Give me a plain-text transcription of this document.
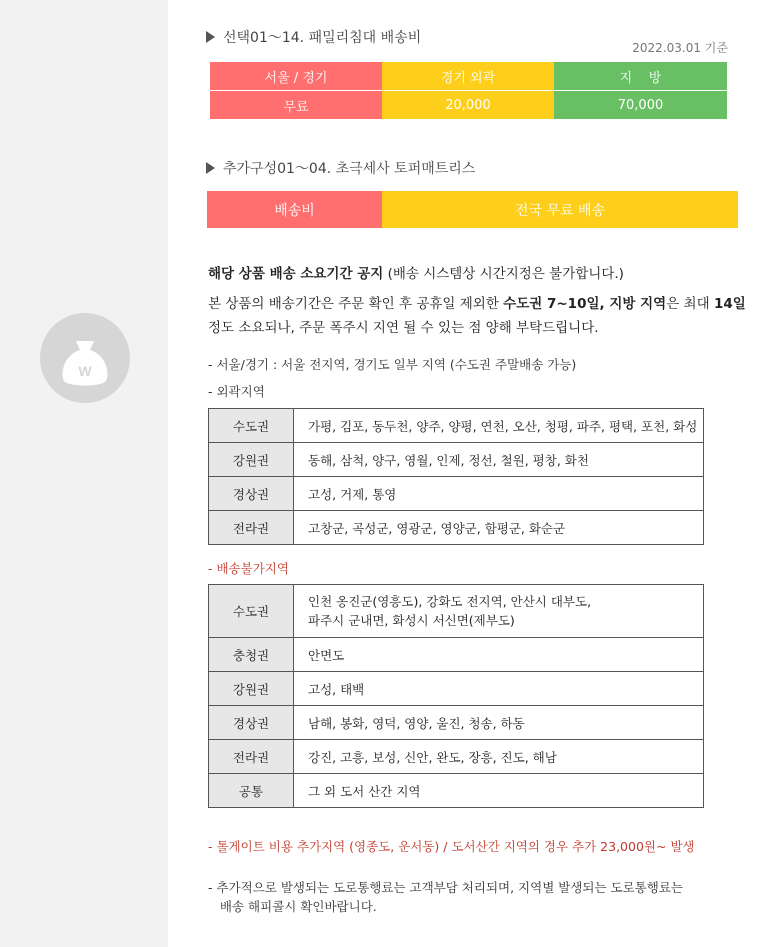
W
선택01～14. 패밀리침대 배송비
2022.03.01 기준
서울 / 경기	경기 외곽	지    방
무료	20,000	70,000
추가구성01～04. 초극세사 토퍼매트리스
배송비	전국 무료 배송
해당 상품 배송 소요기간 공지 (배송 시스템상 시간지정은 불가합니다.)
본 상품의 배송기간은 주문 확인 후 공휴일 제외한 수도권 7~10일, 지방 지역은 최대 14일 정도 소요되나, 주문 폭주시 지연 될 수 있는 점 양해 부탁드립니다.
- 서울/경기 : 서울 전지역, 경기도 일부 지역 (수도권 주말배송 가능)
- 외곽지역
수도권	가평, 김포, 동두천, 양주, 양평, 연천, 오산, 청평, 파주, 평택, 포천, 화성
강원권	동해, 삼척, 양구, 영월, 인제, 정선, 철원, 평창, 화천
경상권	고성, 거제, 통영
전라권	고창군, 곡성군, 영광군, 영양군, 함평군, 화순군
- 배송불가지역
수도권	인천 옹진군(영흥도), 강화도 전지역, 안산시 대부도,
파주시 군내면, 화성시 서신면(제부도)

충청권	안면도
강원권	고성, 태백
경상권	남해, 봉화, 영덕, 영양, 울진, 청송, 하동
전라권	강진, 고흥, 보성, 신안, 완도, 장흥, 진도, 해남
공통	그 외 도서 산간 지역
- 톨게이트 비용 추가지역 (영종도, 운서동) / 도서산간 지역의 경우 추가 23,000원~ 발생
- 추가적으로 발생되는 도로통행료는 고객부담 처리되며, 지역별 발생되는 도로통행료는
배송 해피콜시 확인바랍니다.
